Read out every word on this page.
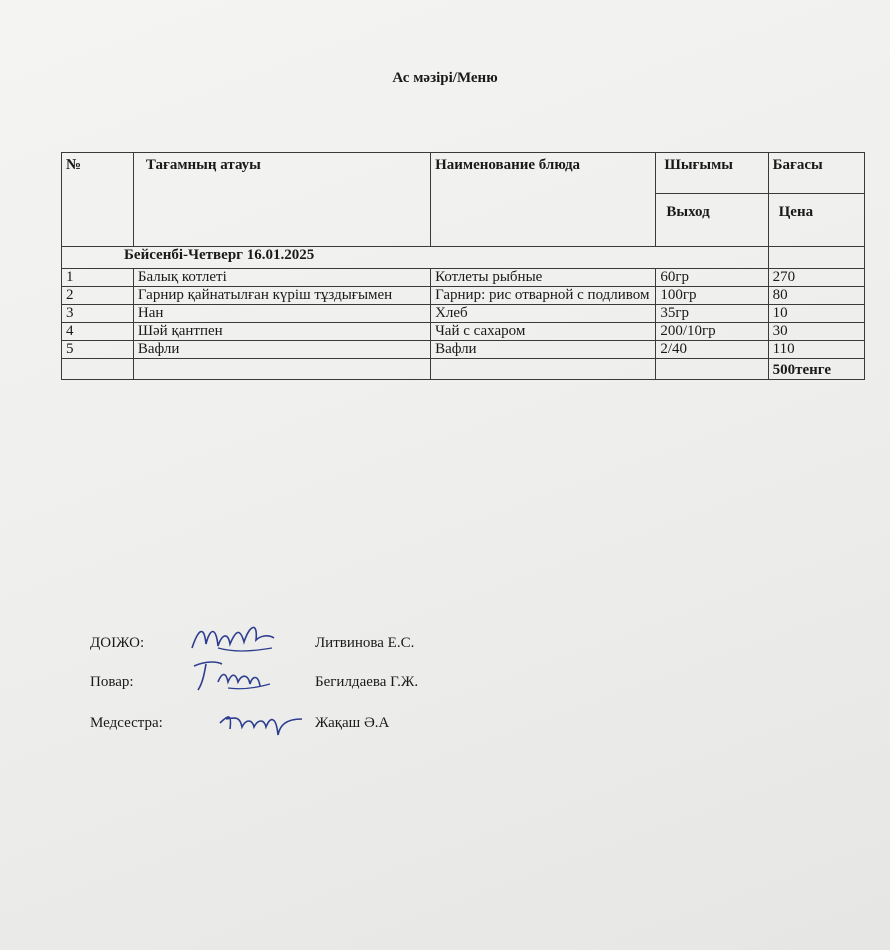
Ас мәзірі/Меню
№	Тағамның атауы	Наименование блюда	Шығымы	Бағасы
			Выход	Цена
Бейсенбі-Четверг 16.01.2025				
1	Балық котлеті	Котлеты рыбные	60гр	270
2	Гарнир қайнатылған күріш тұздығымен	Гарнир: рис отварной с подливом	100гр	80
3	Нан	Хлеб	35гр	10
4	Шәй қантпен	Чай с сахаром	200/10гр	30
5	Вафли	Вафли	2/40	110
				500тенге
ДОІЖО:	Литвинова Е.С.
Повар:	Бегилдаева Г.Ж.
Медсестра:	Жақаш Ә.А
